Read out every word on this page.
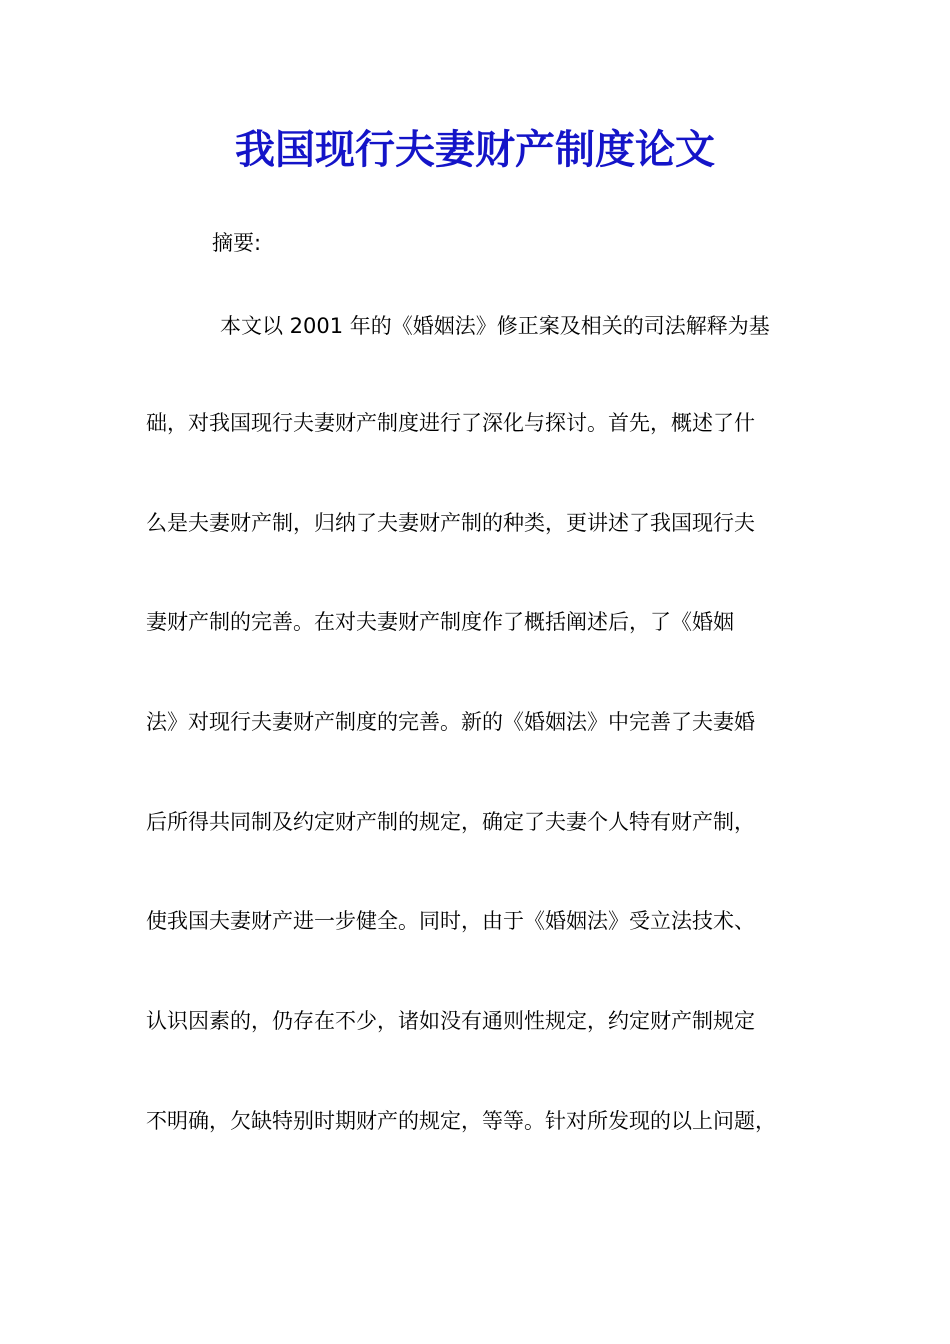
我国现行夫妻财产制度论文
摘要:
本文以 2001 年的《婚姻法》修正案及相关的司法解释为基
础，对我国现行夫妻财产制度进行了深化与探讨。首先，概述了什
么是夫妻财产制，归纳了夫妻财产制的种类，更讲述了我国现行夫
妻财产制的完善。在对夫妻财产制度作了概括阐述后，了《婚姻
法》对现行夫妻财产制度的完善。新的《婚姻法》中完善了夫妻婚
后所得共同制及约定财产制的规定，确定了夫妻个人特有财产制，
使我国夫妻财产进一步健全。同时，由于《婚姻法》受立法技术、
认识因素的，仍存在不少，诸如没有通则性规定，约定财产制规定
不明确，欠缺特别时期财产的规定，等等。针对所发现的以上问题，
